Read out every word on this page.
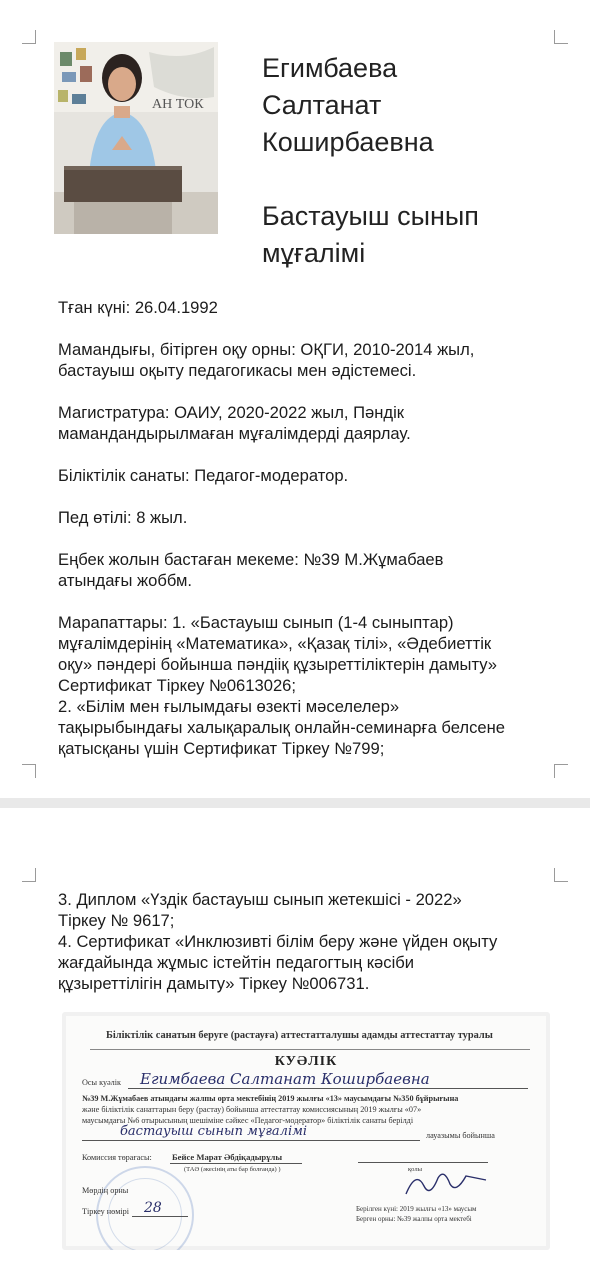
АН ТОК
Егимбаева
Салтанат
Коширбаевна
Бастауыш сынып
мұғалімі
Тған күні: 26.04.1992
Мамандығы, бітірген оқу орны: ОҚГИ, 2010-2014 жыл,
бастауыш оқыту педагогикасы мен әдістемесі.
Магистратура: ОАИУ, 2020-2022 жыл, Пәндік
мамандандырылмаған мұғалімдерді даярлау.
Біліктілік санаты: Педагог-модератор.
Пед өтілі: 8 жыл.
Еңбек жолын бастаған мекеме: №39 М.Жұмабаев
атындағы жоббм.
Марапаттары: 1. «Бастауыш сынып (1-4 сыныптар)
мұғалімдерінің «Математика», «Қазақ тілі», «Әдебиеттік
оқу» пәндері бойынша пәндііқ құзыреттіліктерін дамыту»
Сертификат Тіркеу №0613026;
2. «Білім мен ғылымдағы өзекті мәселелер»
тақырыбындағы халықаралық онлайн-семинарға белсене
қатысқаны үшін Сертификат Тіркеу №799;
3. Диплом «Үздік бастауыш сынып жетекшісі - 2022»
Тіркеу № 9617;
4. Сертификат «Инклюзивті білім беру және үйден оқыту
жағдайында жұмыс істейтін педагогтың кәсіби
құзыреттілігін дамыту» Тіркеу №006731.
Біліктілік санатын беруге (растауға) аттестатталушы адамды аттестаттау туралы
КУӘЛІК
Осы куәлік Егимбаева Салтанат Коширбаевна
№39 М.Жұмабаев атындағы жалпы орта мектебінің 2019 жылғы «13» маусымдағы №350 бұйрығына
және біліктілік санаттарын беру (растау) бойынша аттестаттау комиссиясының 2019 жылғы «07»
маусымдағы №6 отырысының шешіміне сәйкес «Педагог-модератор» біліктілік санаты берілді
бастауыш сынып мұғалімі	лауазымы бойынша
Комиссия төрағасы: Бейсе Марат Әбдіқадырұлы
(ТАӘ (әкесінің аты бар болғанда) )	қолы
Мөрдің орны
Тіркеу нөмірі 28	Берілген күні: 2019 жылғы «13» маусым
Берген орны: №39 жалпы орта мектебі
